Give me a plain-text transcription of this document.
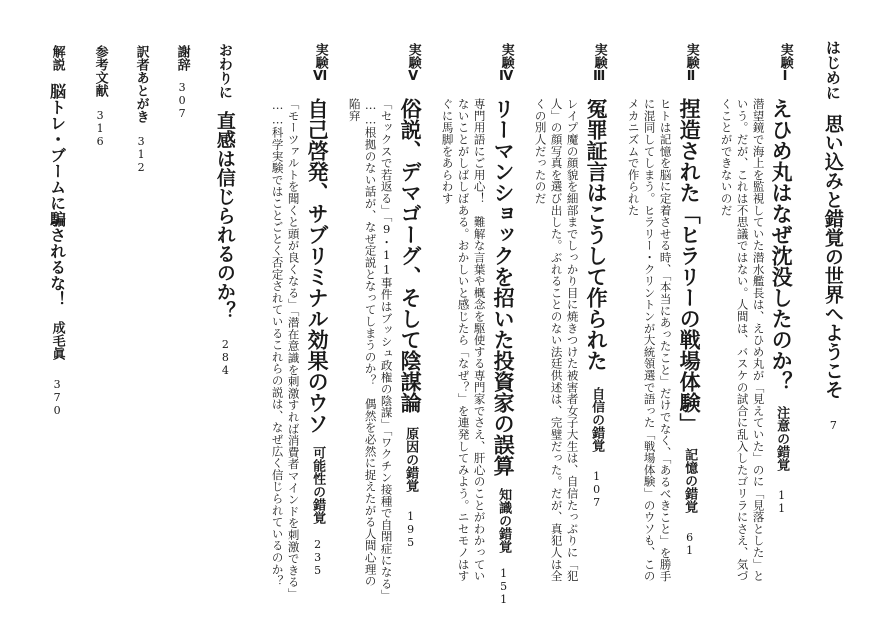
はじめに思い込みと錯覚の世界へようこそ7
実験Ⅰ
えひめ丸はなぜ沈没したのか？注意の錯覚11
潜望鏡で海上を監視していた潜水艦長は、えひめ丸が「見えていた」のに「見落とした」と
いう。だが、これは不思議ではない。人間は、バスケの試合に乱入したゴリラにさえ、気づ
くことができないのだ
実験Ⅱ
捏造された「ヒラリーの戦場体験」記憶の錯覚61
ヒトは記憶を脳に定着させる時、「本当にあったこと」だけでなく、「あるべきこと」を勝手
に混同してしまう。ヒラリー・クリントンが大統領選で語った「戦場体験」のウソも、この
メカニズムで作られた
実験Ⅲ
冤罪証言はこうして作られた自信の錯覚107
レイプ魔の顔貌を細部までしっかり目に焼きつけた被害者女子大生は、自信たっぷりに「犯
人」の顔写真を選び出した。ぶれることのない法廷供述は、完璧だった。だが、真犯人は全
くの別人だったのだ
実験Ⅳ
リーマンショックを招いた投資家の誤算知識の錯覚151
専門用語にご用心！　難解な言葉や概念を駆使する専門家でさえ、肝心のことがわかってい
ないことがしばしばある。おかしいと感じたら「なぜ？」を連発してみよう。ニセモノはす
ぐに馬脚をあらわす
実験Ⅴ
俗説、デマゴーグ、そして陰謀論原因の錯覚195
「セックスで若返る」「9・11事件はブッシュ政権の陰謀」「ワクチン接種で自閉症になる」
……根拠のない話が、なぜ定説となってしまうのか？　偶然を必然に捉えたがる人間心理の
陥穽
実験Ⅵ
自己啓発、サブリミナル効果のウソ可能性の錯覚235
「モーツァルトを聞くと頭が良くなる」「潜在意識を刺激すれば消費者マインドを刺激できる」
……科学実験ではことごとく否定されているこれらの説は、なぜ広く信じられているのか？
おわりに直感は信じられるのか？284
謝辞307
訳者あとがき312
参考文献316
解説脳トレ・ブームに騙されるな！成毛眞370
